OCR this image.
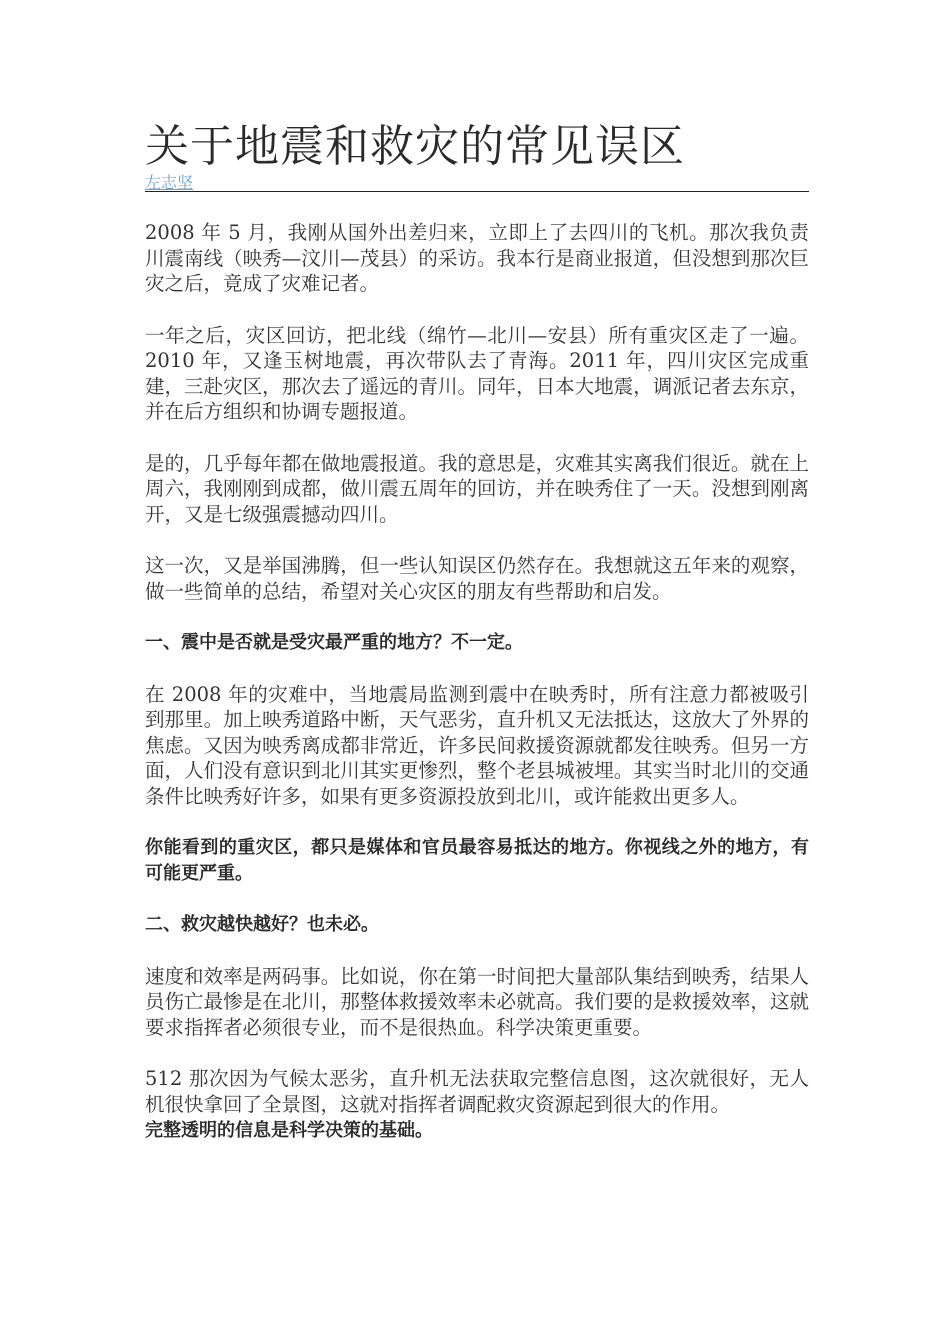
关于地震和救灾的常见误区
左志坚

2008 年 5 月，我刚从国外出差归来，立即上了去四川的飞机。那次我负责川震南线（映秀—汶川—茂县）的采访。我本行是商业报道，但没想到那次巨灾之后，竟成了灾难记者。

一年之后，灾区回访，把北线（绵竹—北川—安县）所有重灾区走了一遍。2010 年，又逢玉树地震，再次带队去了青海。2011 年，四川灾区完成重建，三赴灾区，那次去了遥远的青川。同年，日本大地震，调派记者去东京，并在后方组织和协调专题报道。

是的，几乎每年都在做地震报道。我的意思是，灾难其实离我们很近。就在上周六，我刚刚到成都，做川震五周年的回访，并在映秀住了一天。没想到刚离开，又是七级强震撼动四川。

这一次，又是举国沸腾，但一些认知误区仍然存在。我想就这五年来的观察，做一些简单的总结，希望对关心灾区的朋友有些帮助和启发。

一、震中是否就是受灾最严重的地方？不一定。

在 2008 年的灾难中，当地震局监测到震中在映秀时，所有注意力都被吸引到那里。加上映秀道路中断，天气恶劣，直升机又无法抵达，这放大了外界的焦虑。又因为映秀离成都非常近，许多民间救援资源就都发往映秀。但另一方面，人们没有意识到北川其实更惨烈，整个老县城被埋。其实当时北川的交通条件比映秀好许多，如果有更多资源投放到北川，或许能救出更多人。

你能看到的重灾区，都只是媒体和官员最容易抵达的地方。你视线之外的地方，有可能更严重。

二、救灾越快越好？也未必。

速度和效率是两码事。比如说，你在第一时间把大量部队集结到映秀，结果人员伤亡最惨是在北川，那整体救援效率未必就高。我们要的是救援效率，这就要求指挥者必须很专业，而不是很热血。科学决策更重要。

512 那次因为气候太恶劣，直升机无法获取完整信息图，这次就很好，无人机很快拿回了全景图，这就对指挥者调配救灾资源起到很大的作用。
完整透明的信息是科学决策的基础。
